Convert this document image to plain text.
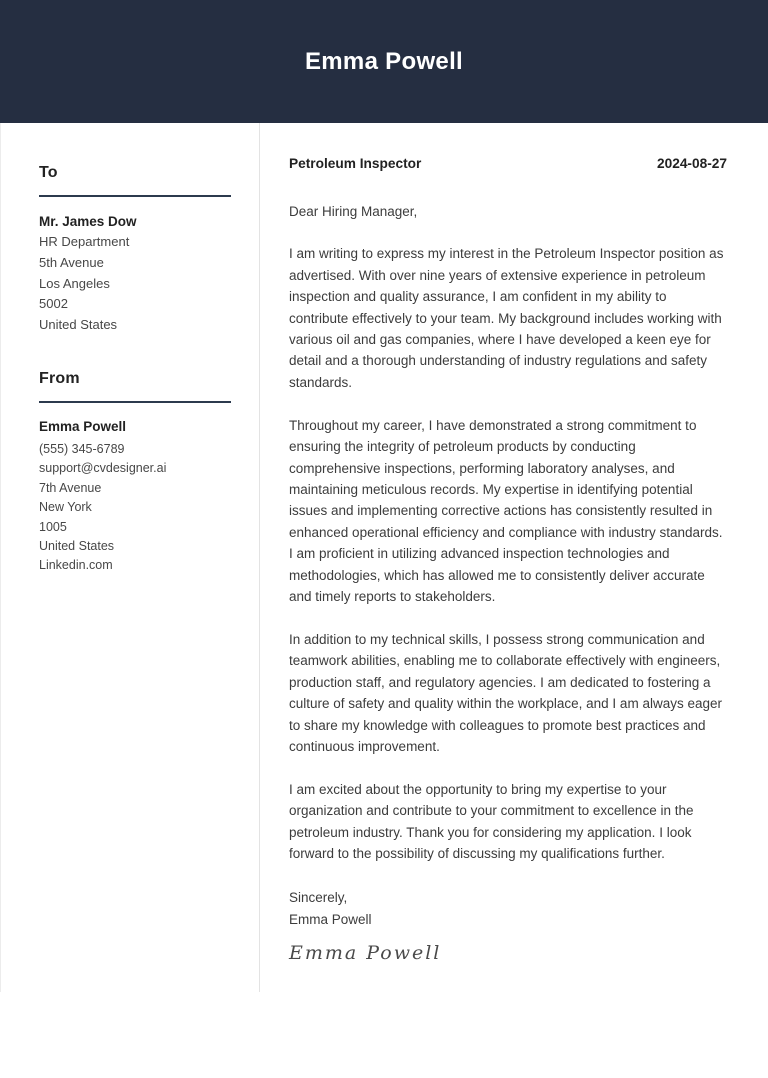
Emma Powell
To
Mr. James Dow
HR Department
5th Avenue
Los Angeles
5002
United States
From
Emma Powell
(555) 345-6789
support@cvdesigner.ai
7th Avenue
New York
1005
United States
Linkedin.com
Petroleum Inspector	2024-08-27

Dear Hiring Manager,

I am writing to express my interest in the Petroleum Inspector position as advertised. With over nine years of extensive experience in petroleum inspection and quality assurance, I am confident in my ability to contribute effectively to your team. My background includes working with various oil and gas companies, where I have developed a keen eye for detail and a thorough understanding of industry regulations and safety standards.

Throughout my career, I have demonstrated a strong commitment to ensuring the integrity of petroleum products by conducting comprehensive inspections, performing laboratory analyses, and maintaining meticulous records. My expertise in identifying potential issues and implementing corrective actions has consistently resulted in enhanced operational efficiency and compliance with industry standards. I am proficient in utilizing advanced inspection technologies and methodologies, which has allowed me to consistently deliver accurate and timely reports to stakeholders.

In addition to my technical skills, I possess strong communication and teamwork abilities, enabling me to collaborate effectively with engineers, production staff, and regulatory agencies. I am dedicated to fostering a culture of safety and quality within the workplace, and I am always eager to share my knowledge with colleagues to promote best practices and continuous improvement.

I am excited about the opportunity to bring my expertise to your organization and contribute to your commitment to excellence in the petroleum industry. Thank you for considering my application. I look forward to the possibility of discussing my qualifications further.

Sincerely,
Emma Powell
Emma Powell
